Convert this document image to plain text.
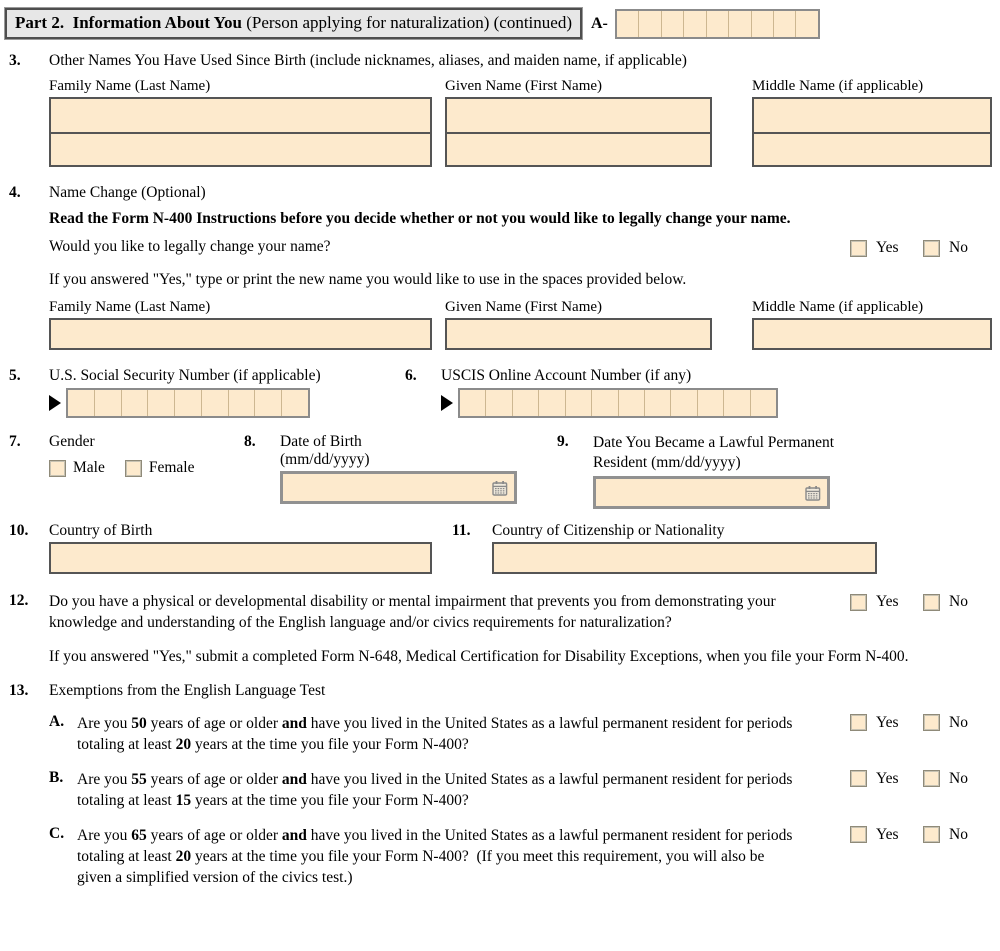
Part 2.  Information About You (Person applying for naturalization) (continued)	A-
3.	Other Names You Have Used Since Birth (include nicknames, aliases, and maiden name, if applicable)
Family Name (Last Name)	Given Name (First Name)	Middle Name (if applicable)
4.	Name Change (Optional)
Read the Form N-400 Instructions before you decide whether or not you would like to legally change your name.
Would you like to legally change your name?	Yes	No
If you answered "Yes," type or print the new name you would like to use in the spaces provided below.
Family Name (Last Name)	Given Name (First Name)	Middle Name (if applicable)
5.	U.S. Social Security Number (if applicable)	6.	USCIS Online Account Number (if any)
7.	Gender
Male	Female
8.	Date of Birth
(mm/dd/yyyy)
9.	Date You Became a Lawful Permanent Resident (mm/dd/yyyy)
10.	Country of Birth	11.	Country of Citizenship or Nationality
12.	Do you have a physical or developmental disability or mental impairment that prevents you from demonstrating your knowledge and understanding of the English language and/or civics requirements for naturalization?
Yes	No
If you answered "Yes," submit a completed Form N-648, Medical Certification for Disability Exceptions, when you file your Form N-400.
13.	Exemptions from the English Language Test
A. Are you 50 years of age or older and have you lived in the United States as a lawful permanent resident for periods totaling at least 20 years at the time you file your Form N-400?
Yes	No
B. Are you 55 years of age or older and have you lived in the United States as a lawful permanent resident for periods totaling at least 15 years at the time you file your Form N-400?
Yes	No
C. Are you 65 years of age or older and have you lived in the United States as a lawful permanent resident for periods totaling at least 20 years at the time you file your Form N-400?  (If you meet this requirement, you will also be given a simplified version of the civics test.)
Yes	No
